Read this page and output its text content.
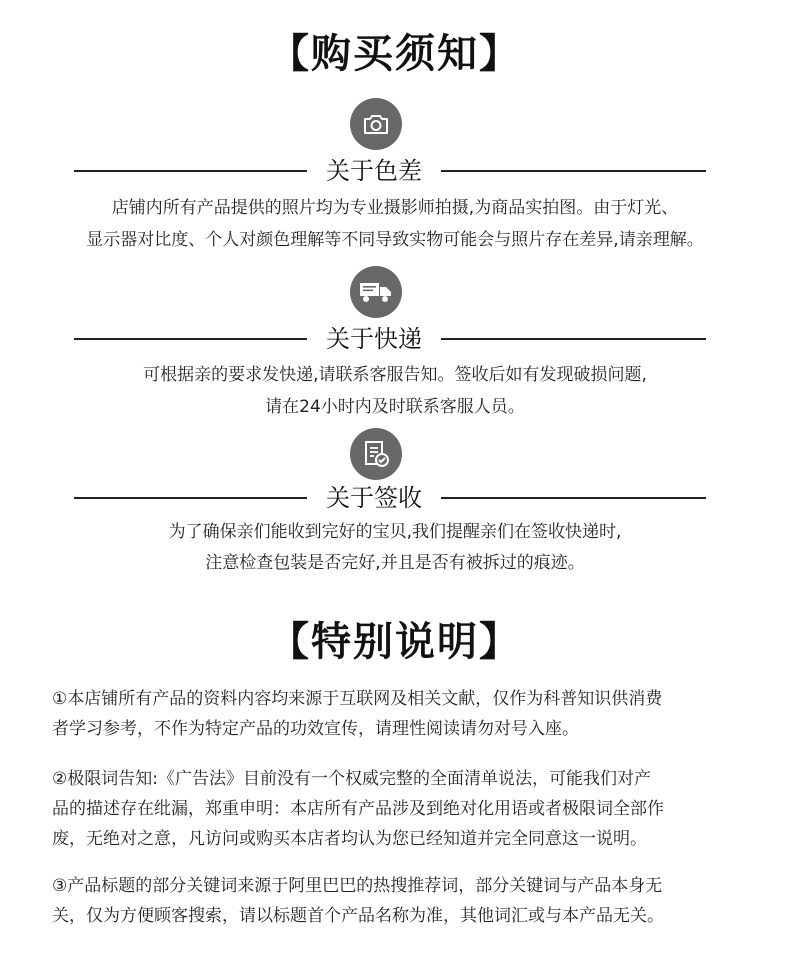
【购买须知】
关于色差
店铺内所有产品提供的照片均为专业摄影师拍摄,为商品实拍图。由于灯光、
显示器对比度、个人对颜色理解等不同导致实物可能会与照片存在差异,请亲理解。
关于快递
可根据亲的要求发快递,请联系客服告知。签收后如有发现破损问题,
请在24小时内及时联系客服人员。
关于签收
为了确保亲们能收到完好的宝贝,我们提醒亲们在签收快递时,
注意检查包装是否完好,并且是否有被拆过的痕迹。
【特别说明】
①本店铺所有产品的资料内容均来源于互联网及相关文献，仅作为科普知识供消费
者学习参考，不作为特定产品的功效宣传，请理性阅读请勿对号入座。
②极限词告知:《广告法》目前没有一个权威完整的全面清单说法，可能我们对产
品的描述存在纰漏，郑重申明：本店所有产品涉及到绝对化用语或者极限词全部作
废，无绝对之意，凡访问或购买本店者均认为您已经知道并完全同意这一说明。
③产品标题的部分关键词来源于阿里巴巴的热搜推荐词，部分关键词与产品本身无
关，仅为方便顾客搜索，请以标题首个产品名称为准，其他词汇或与本产品无关。
